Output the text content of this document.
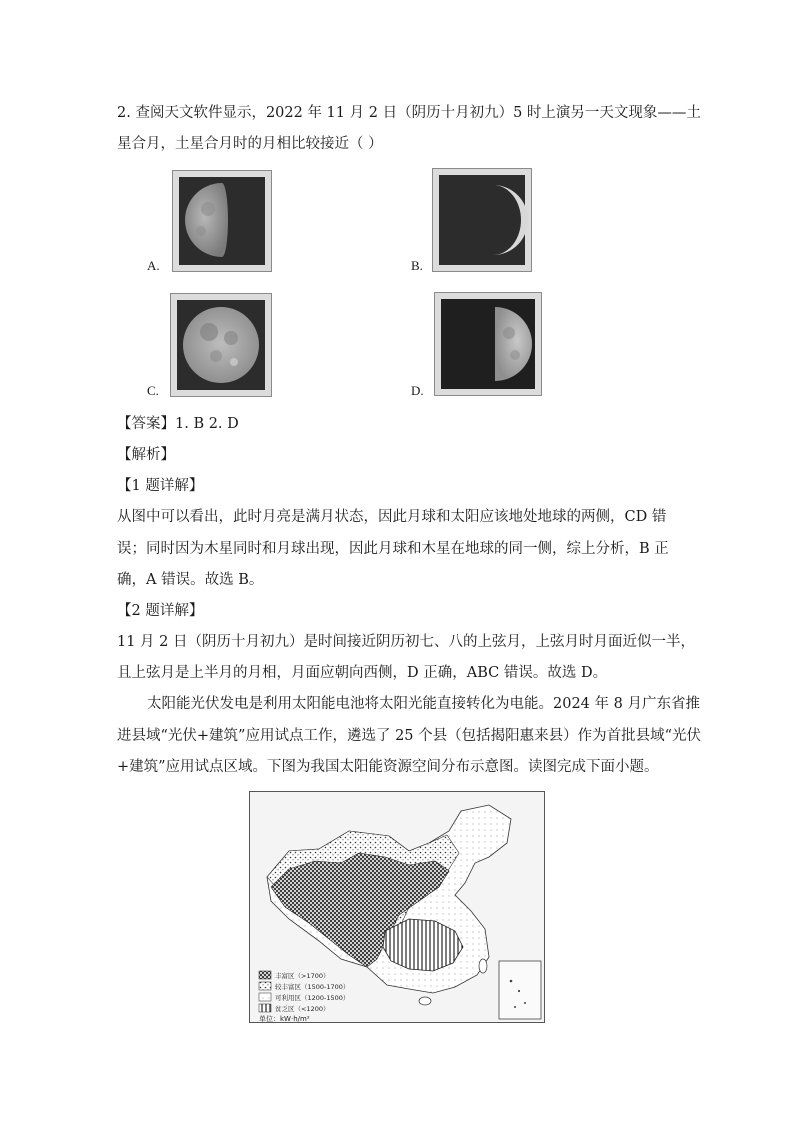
2. 查阅天文软件显示，2022 年 11 月 2 日（阴历十月初九）5 时上演另一天文现象——土
星合月，土星合月时的月相比较接近（ ）
A.	B.
C.	D.
【答案】1. B 2. D
【解析】
【1 题详解】
从图中可以看出，此时月亮是满月状态，因此月球和太阳应该地处地球的两侧，CD 错
误；同时因为木星同时和月球出现，因此月球和木星在地球的同一侧，综上分析，B 正
确，A 错误。故选 B。
【2 题详解】
11 月 2 日（阴历十月初九）是时间接近阴历初七、八的上弦月，上弦月时月面近似一半，
且上弦月是上半月的月相，月面应朝向西侧，D 正确，ABC 错误。故选 D。
太阳能光伏发电是利用太阳能电池将太阳光能直接转化为电能。2024 年 8 月广东省推
进县域“光伏+建筑”应用试点工作，遴选了 25 个县（包括揭阳惠来县）作为首批县域“光伏
+建筑”应用试点区域。下图为我国太阳能资源空间分布示意图。读图完成下面小题。
丰富区（>1700）
较丰富区（1500-1700）
可利用区（1200-1500）
贫乏区（<1200）
单位：kW·h/m²
